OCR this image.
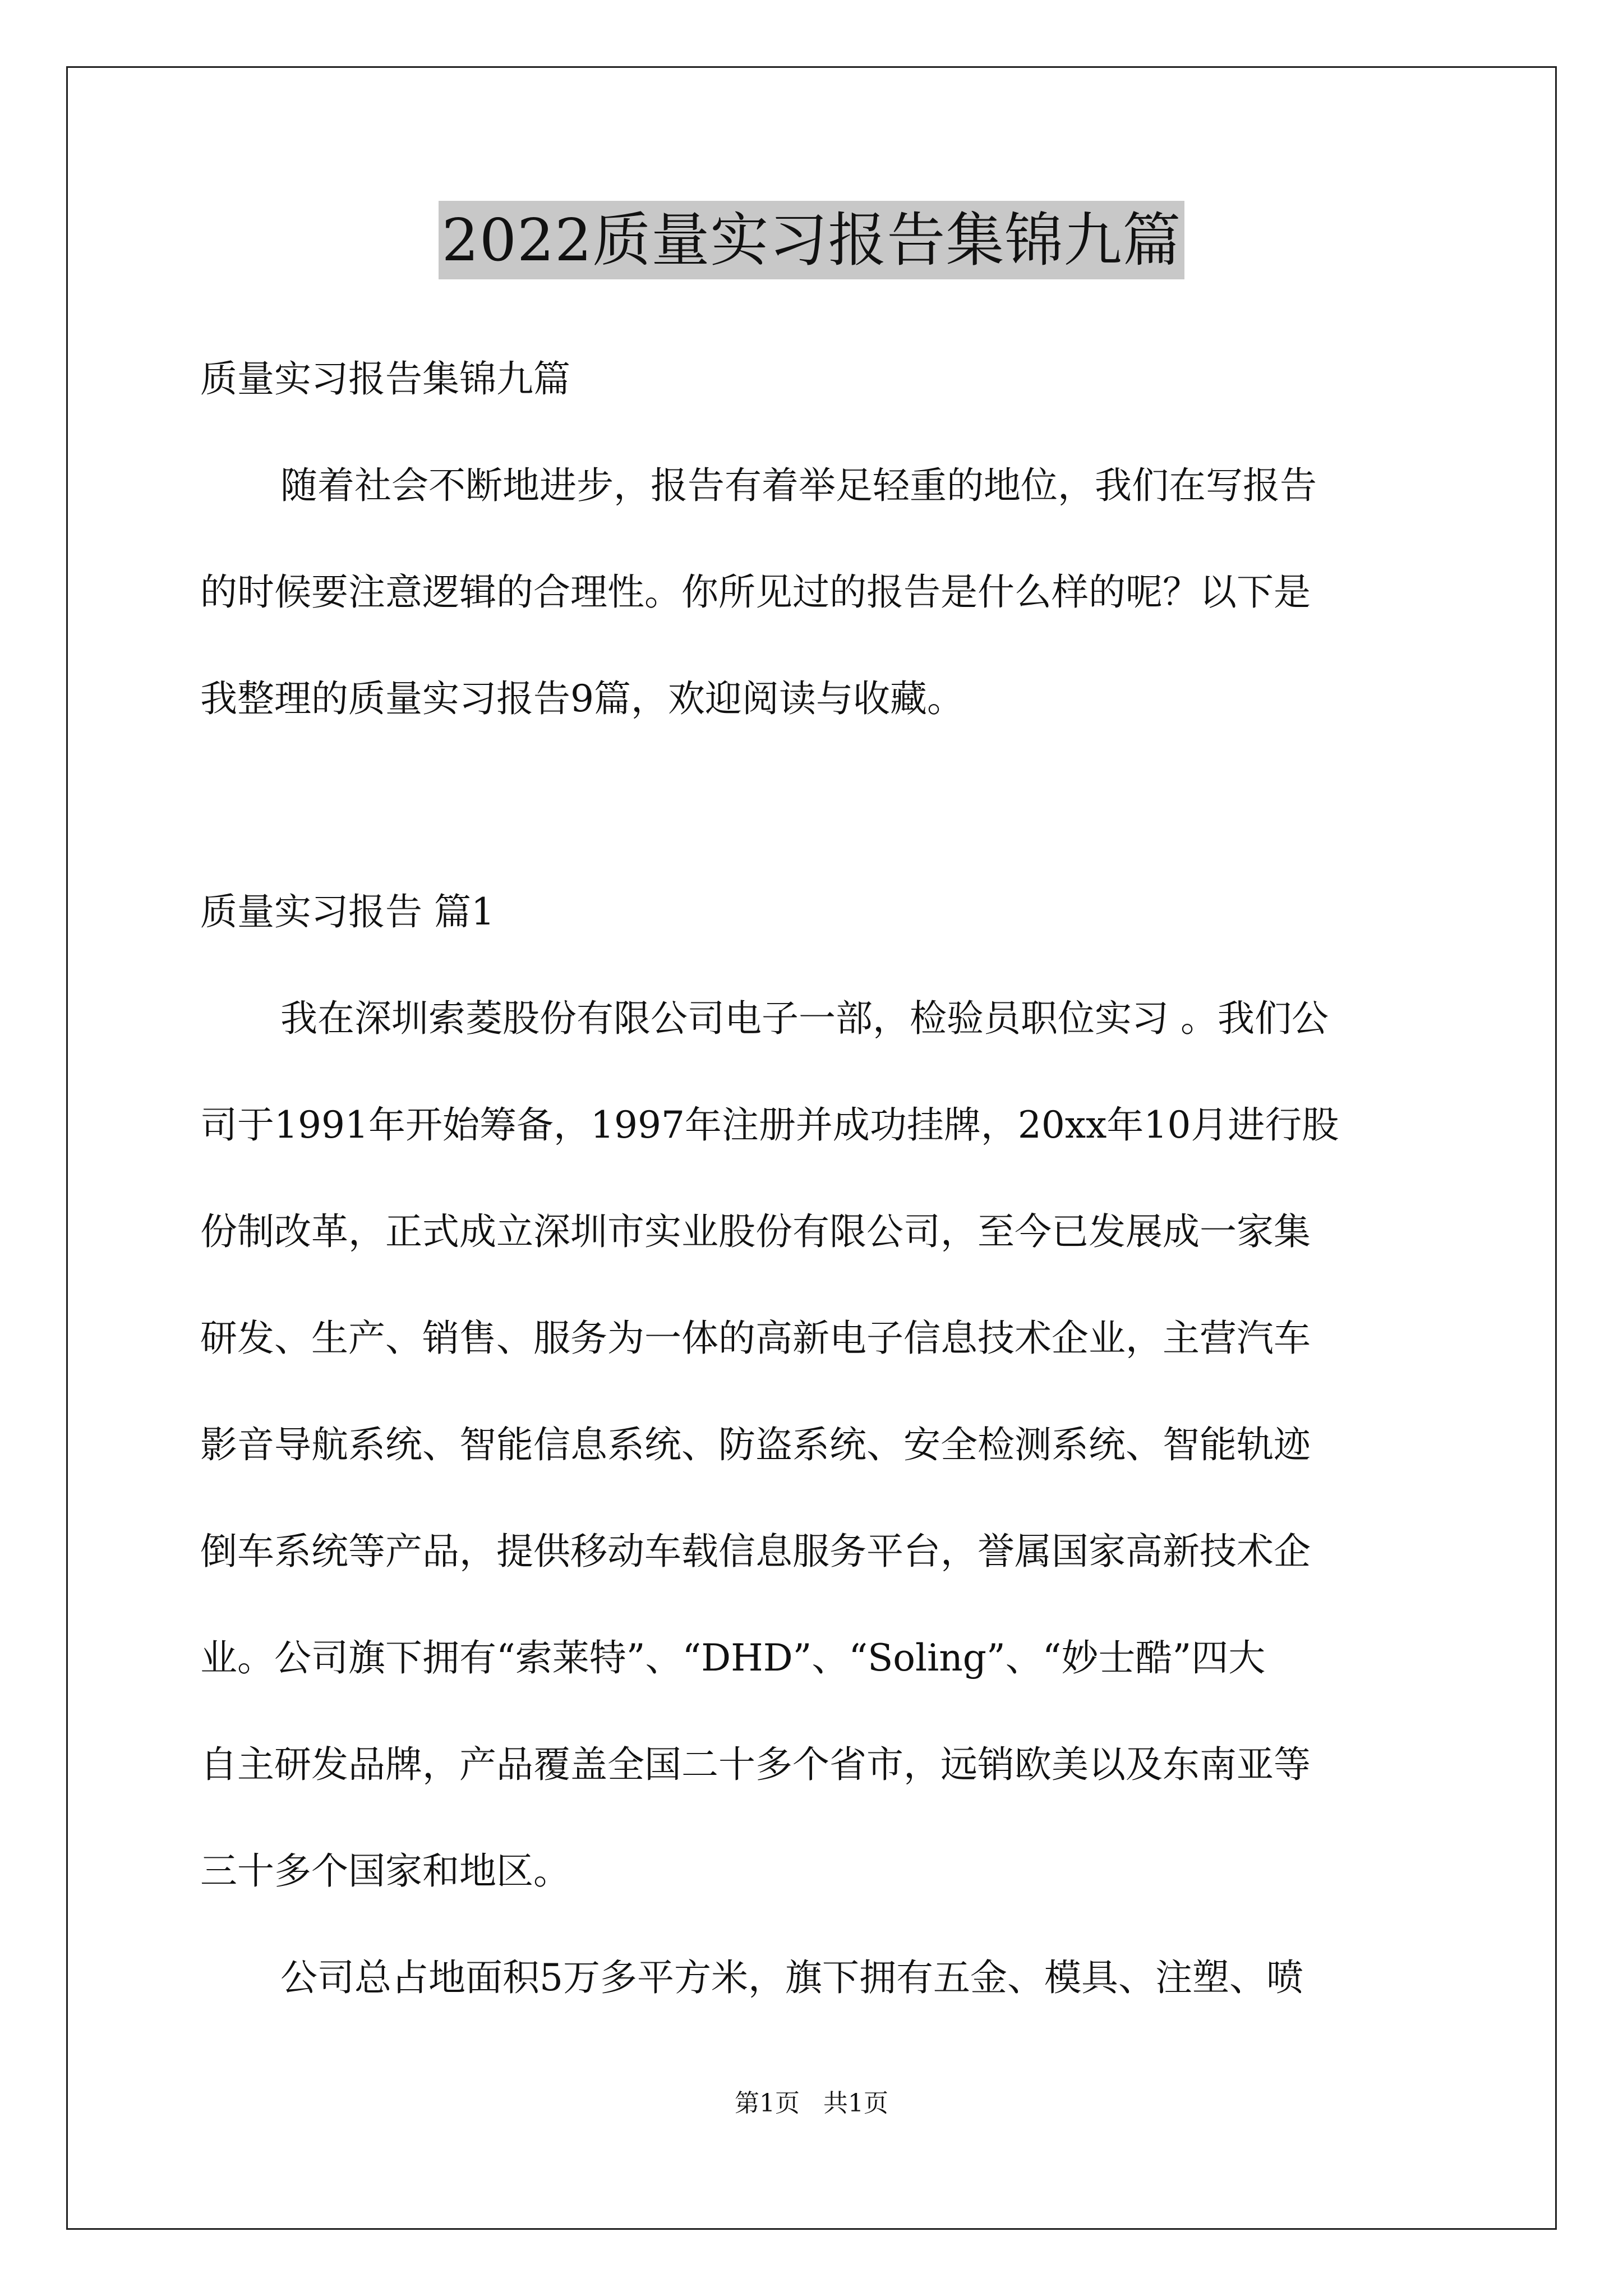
2022质量实习报告集锦九篇
质量实习报告集锦九篇
随着社会不断地进步，报告有着举足轻重的地位，我们在写报告
的时候要注意逻辑的合理性。你所见过的报告是什么样的呢？以下是
我整理的质量实习报告9篇，欢迎阅读与收藏。
质量实习报告 篇1
我在深圳索菱股份有限公司电子一部，检验员职位实习 。我们公
司于1991年开始筹备，1997年注册并成功挂牌，20xx年10月进行股
份制改革，正式成立深圳市实业股份有限公司，至今已发展成一家集
研发、生产、销售、服务为一体的高新电子信息技术企业，主营汽车
影音导航系统、智能信息系统、防盗系统、安全检测系统、智能轨迹
倒车系统等产品，提供移动车载信息服务平台，誉属国家高新技术企
业。公司旗下拥有“索莱特”、“DHD”、“Soling”、“妙士酷”四大
自主研发品牌，产品覆盖全国二十多个省市，远销欧美以及东南亚等
三十多个国家和地区。
公司总占地面积5万多平方米，旗下拥有五金、模具、注塑、喷
第1页 共1页
